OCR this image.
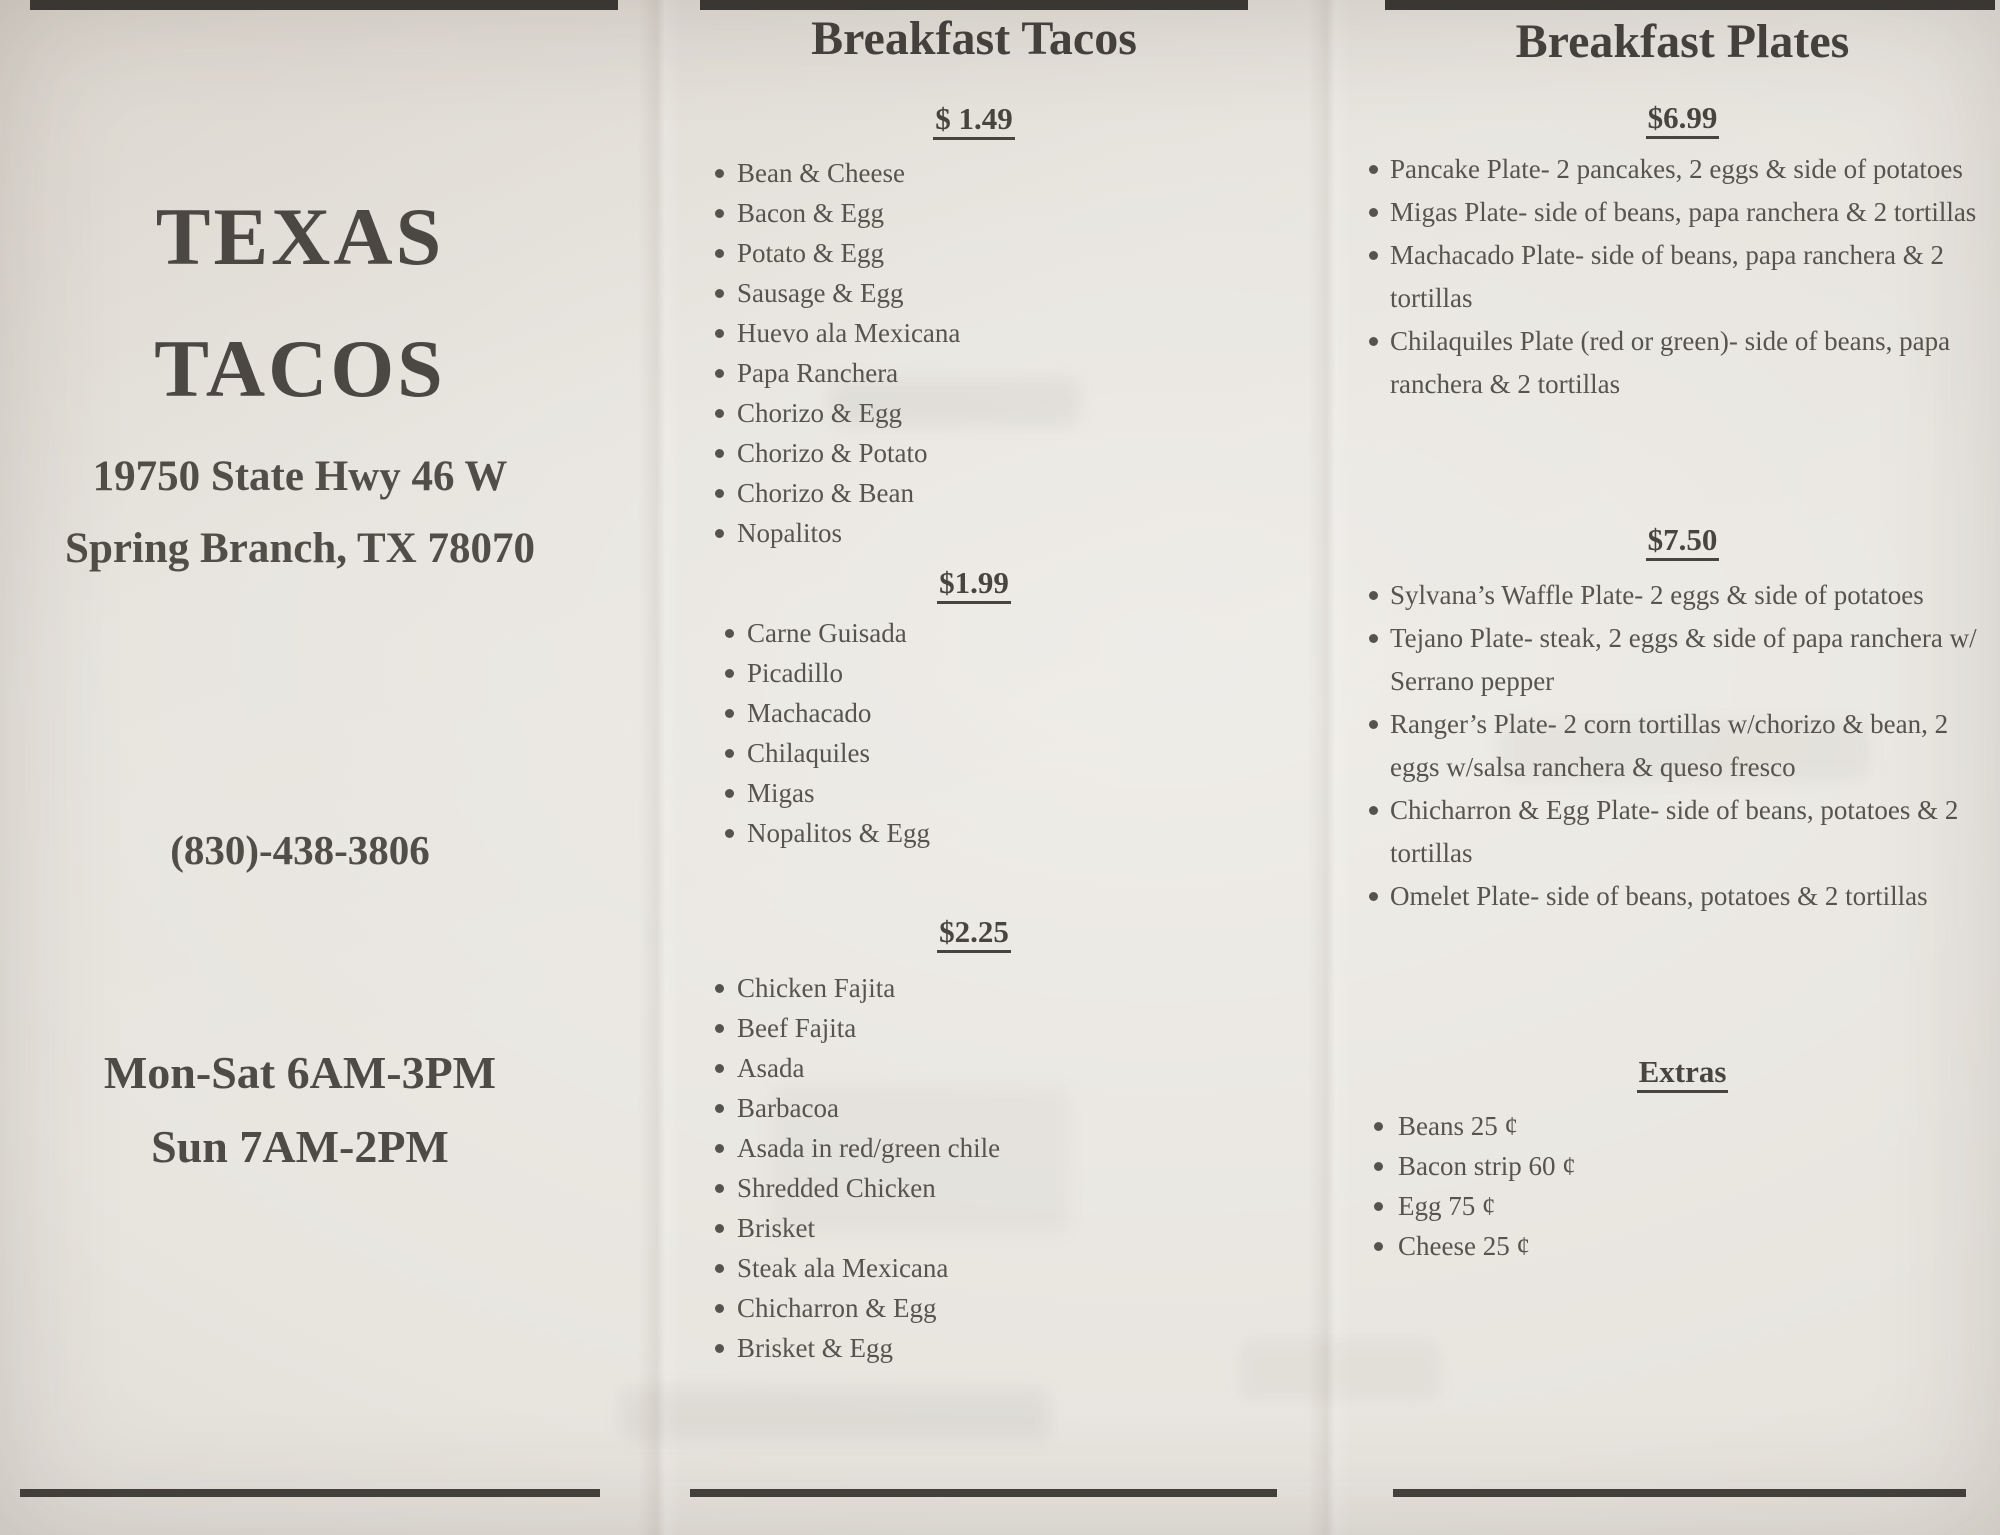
TEXAS
TACOS
19750 State Hwy 46 W
Spring Branch, TX 78070
(830)-438-3806
Mon-Sat 6AM-3PM
Sun 7AM-2PM
Breakfast Tacos
$ 1.49
Bean & Cheese
Bacon & Egg
Potato & Egg
Sausage & Egg
Huevo ala Mexicana
Papa Ranchera
Chorizo & Egg
Chorizo & Potato
Chorizo & Bean
Nopalitos
$1.99
Carne Guisada
Picadillo
Machacado
Chilaquiles
Migas
Nopalitos & Egg
$2.25
Chicken Fajita
Beef Fajita
Asada
Barbacoa
Asada in red/green chile
Shredded Chicken
Brisket
Steak ala Mexicana
Chicharron & Egg
Brisket & Egg
Breakfast Plates
$6.99
Pancake Plate- 2 pancakes, 2 eggs & side of potatoes
Migas Plate- side of beans, papa ranchera & 2 tortillas
Machacado Plate- side of beans, papa ranchera & 2 tortillas
Chilaquiles Plate (red or green)- side of beans, papa ranchera & 2 tortillas
$7.50
Sylvana’s Waffle Plate- 2 eggs & side of potatoes
Tejano Plate- steak, 2 eggs & side of papa ranchera w/ Serrano pepper
Ranger’s Plate- 2 corn tortillas w/chorizo & bean, 2 eggs w/salsa ranchera & queso fresco
Chicharron & Egg Plate- side of beans, potatoes & 2 tortillas
Omelet Plate- side of beans, potatoes & 2 tortillas
Extras
Beans 25 ¢
Bacon strip 60 ¢
Egg 75 ¢
Cheese 25 ¢
